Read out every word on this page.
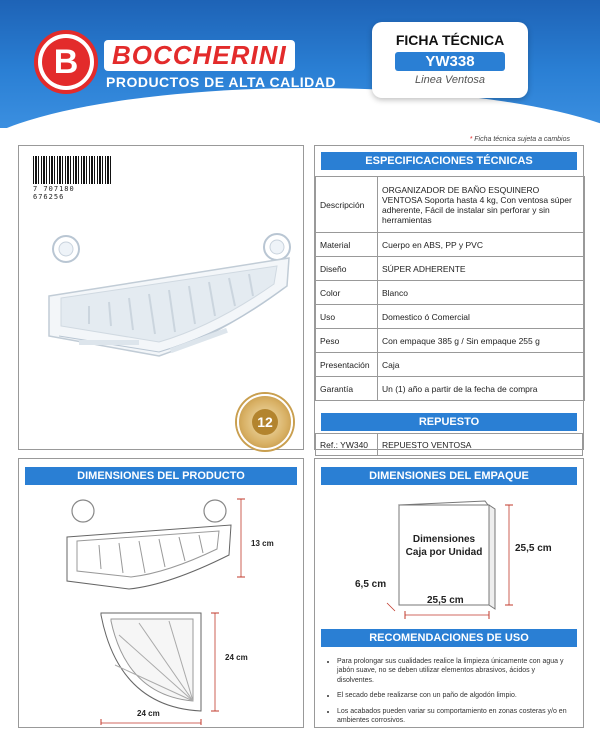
B	BOCCHERINI
PRODUCTOS DE ALTA CALIDAD
FICHA TÉCNICA
YW338
Linea Ventosa
* Ficha técnica sujeta a cambios
7 707180 676256
12
ESPECIFICACIONES TÉCNICAS
Descripción	ORGANIZADOR DE BAÑO ESQUINERO VENTOSA Soporta hasta 4 kg, Con ventosa súper adherente, Fácil de instalar sin perforar y sin herramientas
Material	Cuerpo en ABS, PP y PVC
Diseño	SÚPER ADHERENTE
Color	Blanco
Uso	Domestico ó Comercial
Peso	Con empaque 385 g / Sin empaque 255 g
Presentación	Caja
Garantía	Un (1) año a partir de la fecha de compra
REPUESTO
Ref.: YW340	REPUESTO VENTOSA
DIMENSIONES DEL PRODUCTO
13 cm
24 cm
24 cm
DIMENSIONES DEL EMPAQUE
Dimensiones
Caja por Unidad	25,5 cm
25,5 cm
6,5 cm
RECOMENDACIONES DE USO
• Para prolongar sus cualidades realice la limpieza únicamente con agua y jabón suave, no se deben utilizar elementos abrasivos, ácidos y disolventes.
• El secado debe realizarse con un paño de algodón limpio.
• Los acabados pueden variar su comportamiento en zonas costeras y/o en ambientes corrosivos.
